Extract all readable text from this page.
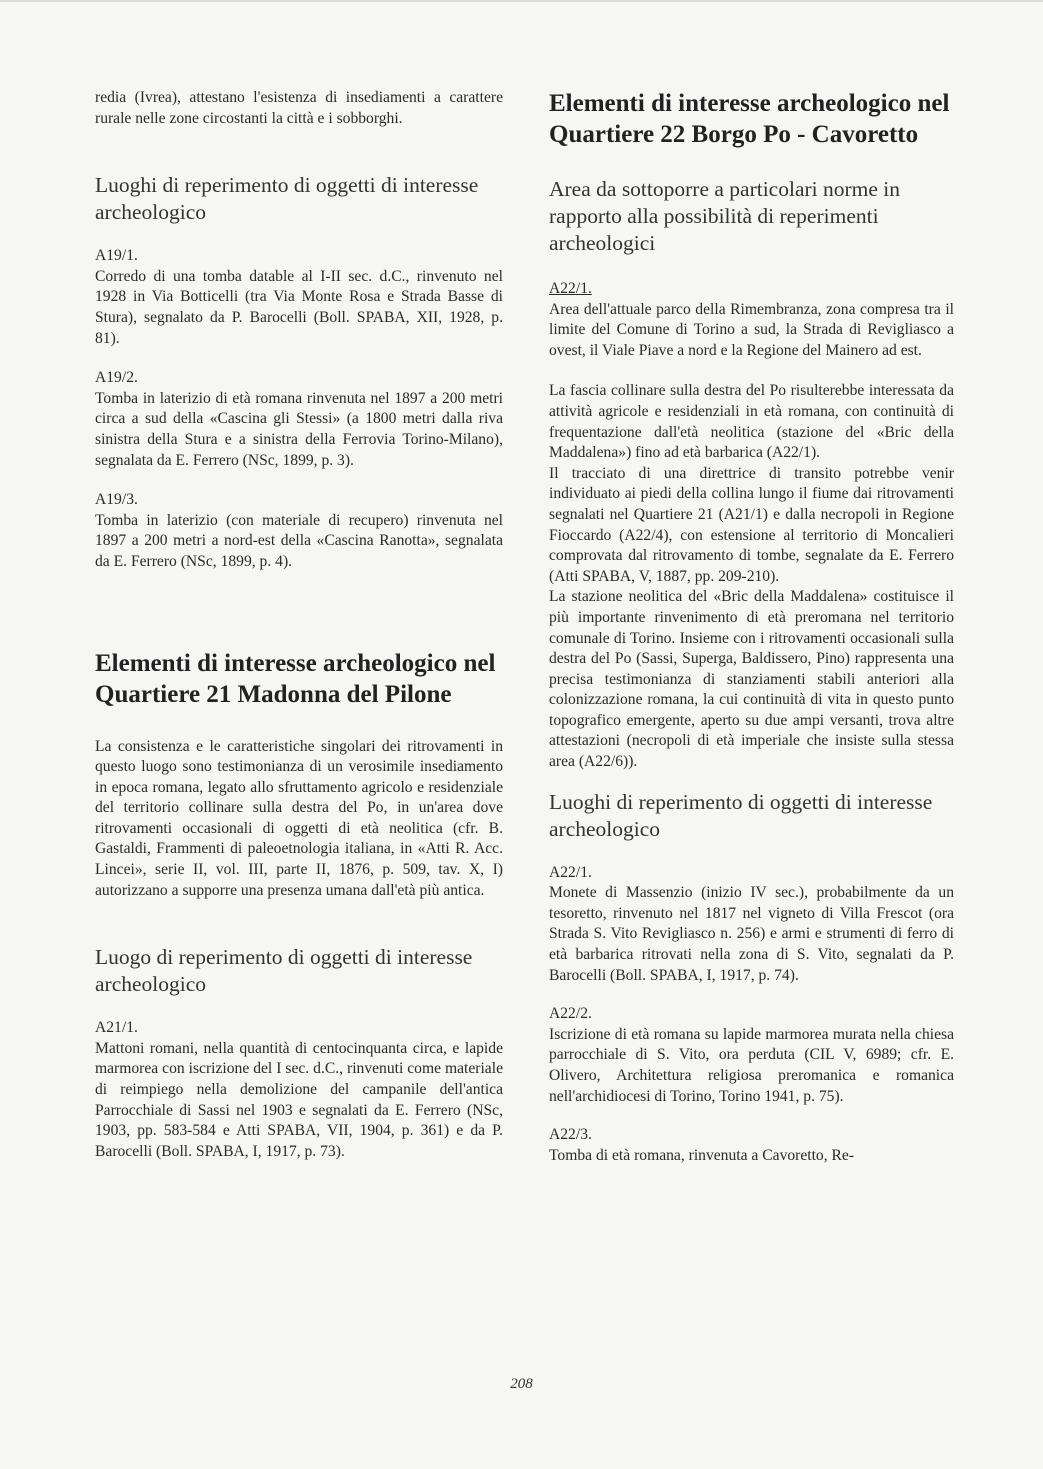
redia (Ivrea), attestano l'esistenza di insediamenti a carattere rurale nelle zone circostanti la città e i sobborghi.

Luoghi di reperimento di oggetti di interesse archeologico

A19/1.

Corredo di una tomba datable al I-II sec. d.C., rinvenuto nel 1928 in Via Botticelli (tra Via Monte Rosa e Strada Basse di Stura), segnalato da P. Barocelli (Boll. SPABA, XII, 1928, p. 81).

A19/2.

Tomba in laterizio di età romana rinvenuta nel 1897 a 200 metri circa a sud della «Cascina gli Stessi» (a 1800 metri dalla riva sinistra della Stura e a sinistra della Ferrovia Torino-Milano), segnalata da E. Ferrero (NSc, 1899, p. 3).

A19/3.

Tomba in laterizio (con materiale di recupero) rinvenuta nel 1897 a 200 metri a nord-est della «Cascina Ranotta», segnalata da E. Ferrero (NSc, 1899, p. 4).

Elementi di interesse archeologico nel Quartiere 21 Madonna del Pilone

La consistenza e le caratteristiche singolari dei ritrovamenti in questo luogo sono testimonianza di un verosimile insediamento in epoca romana, legato allo sfruttamento agricolo e residenziale del territorio collinare sulla destra del Po, in un'area dove ritrovamenti occasionali di oggetti di età neolitica (cfr. B. Gastaldi, Frammenti di paleoetnologia italiana, in «Atti R. Acc. Lincei», serie II, vol. III, parte II, 1876, p. 509, tav. X, I) autorizzano a supporre una presenza umana dall'età più antica.

Luogo di reperimento di oggetti di interesse archeologico

A21/1.

Mattoni romani, nella quantità di centocinquanta circa, e lapide marmorea con iscrizione del I sec. d.C., rinvenuti come materiale di reimpiego nella demolizione del campanile dell'antica Parrocchiale di Sassi nel 1903 e segnalati da E. Ferrero (NSc, 1903, pp. 583-584 e Atti SPABA, VII, 1904, p. 361) e da P. Barocelli (Boll. SPABA, I, 1917, p. 73).

Elementi di interesse archeologico nel Quartiere 22 Borgo Po - Cavoretto
Area da sottoporre a particolari norme in rapporto alla possibilità di reperimenti archeologici

A22/1.

Area dell'attuale parco della Rimembranza, zona compresa tra il limite del Comune di Torino a sud, la Strada di Revigliasco a ovest, il Viale Piave a nord e la Regione del Mainero ad est.

La fascia collinare sulla destra del Po risulterebbe interessata da attività agricole e residenziali in età romana, con continuità di frequentazione dall'età neolitica (stazione del «Bric della Maddalena») fino ad età barbarica (A22/1).

Il tracciato di una direttrice di transito potrebbe venir individuato ai piedi della collina lungo il fiume dai ritrovamenti segnalati nel Quartiere 21 (A21/1) e dalla necropoli in Regione Fioccardo (A22/4), con estensione al territorio di Moncalieri comprovata dal ritrovamento di tombe, segnalate da E. Ferrero (Atti SPABA, V, 1887, pp. 209-210).

La stazione neolitica del «Bric della Maddalena» costituisce il più importante rinvenimento di età preromana nel territorio comunale di Torino. Insieme con i ritrovamenti occasionali sulla destra del Po (Sassi, Superga, Baldissero, Pino) rappresenta una precisa testimonianza di stanziamenti stabili anteriori alla colonizzazione romana, la cui continuità di vita in questo punto topografico emergente, aperto su due ampi versanti, trova altre attestazioni (necropoli di età imperiale che insiste sulla stessa area (A22/6)).

Luoghi di reperimento di oggetti di interesse archeologico

A22/1.

Monete di Massenzio (inizio IV sec.), probabilmente da un tesoretto, rinvenuto nel 1817 nel vigneto di Villa Frescot (ora Strada S. Vito Revigliasco n. 256) e armi e strumenti di ferro di età barbarica ritrovati nella zona di S. Vito, segnalati da P. Barocelli (Boll. SPABA, I, 1917, p. 74).

A22/2.

Iscrizione di età romana su lapide marmorea murata nella chiesa parrocchiale di S. Vito, ora perduta (CIL V, 6989; cfr. E. Olivero, Architettura religiosa preromanica e romanica nell'archidiocesi di Torino, Torino 1941, p. 75).

A22/3.

Tomba di età romana, rinvenuta a Cavoretto, Re-

208
